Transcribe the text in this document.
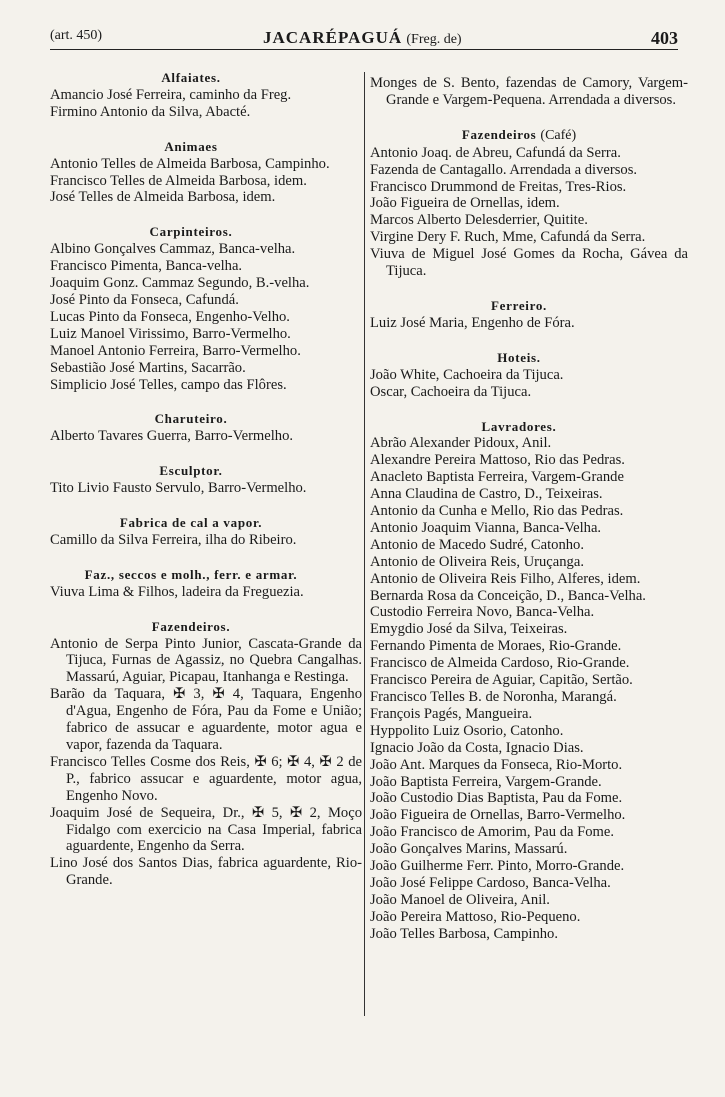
(art. 450)	JACARÉPAGUÁ (Freg. de)	403

Alfaiates.

Amancio José Ferreira, caminho da Freg.

Firmino Antonio da Silva, Abacté.

Animaes

Antonio Telles de Almeida Barbosa, Campinho.

Francisco Telles de Almeida Barbosa, idem.

José Telles de Almeida Barbosa, idem.

Carpinteiros.

Albino Gonçalves Cammaz, Banca-velha.

Francisco Pimenta, Banca-velha.

Joaquim Gonz. Cammaz Segundo, B.-velha.

José Pinto da Fonseca, Cafundá.

Lucas Pinto da Fonseca, Engenho-Velho.

Luiz Manoel Virissimo, Barro-Vermelho.

Manoel Antonio Ferreira, Barro-Vermelho.

Sebastião José Martins, Sacarrão.

Simplicio José Telles, campo das Flôres.

Charuteiro.

Alberto Tavares Guerra, Barro-Vermelho.

Esculptor.

Tito Livio Fausto Servulo, Barro-Vermelho.

Fabrica de cal a vapor.

Camillo da Silva Ferreira, ilha do Ribeiro.

Faz., seccos e molh., ferr. e armar.

Viuva Lima & Filhos, ladeira da Freguezia.

Fazendeiros.

Antonio de Serpa Pinto Junior, Cascata-Grande da Tijuca, Furnas de Agassiz, no Quebra Cangalhas. Massarú, Aguiar, Picapau, Itanhanga e Restinga.

Barão da Taquara, ✠ 3, ✠ 4, Taquara, Engenho d'Agua, Engenho de Fóra, Pau da Fome e União; fabrico de assucar e aguardente, motor agua e vapor, fazenda da Taquara.

Francisco Telles Cosme dos Reis, ✠ 6; ✠ 4, ✠ 2 de P., fabrico assucar e aguardente, motor agua, Engenho Novo.

Joaquim José de Sequeira, Dr., ✠ 5, ✠ 2, Moço Fidalgo com exercicio na Casa Imperial, fabrica aguardente, Engenho da Serra.

Lino José dos Santos Dias, fabrica aguardente, Rio-Grande.

Monges de S. Bento, fazendas de Camory, Vargem-Grande e Vargem-Pequena. Arrendada a diversos.

Fazendeiros (Café)

Antonio Joaq. de Abreu, Cafundá da Serra.

Fazenda de Cantagallo. Arrendada a diversos.

Francisco Drummond de Freitas, Tres-Rios.

João Figueira de Ornellas, idem.

Marcos Alberto Delesderrier, Quitite.

Virgine Dery F. Ruch, Mme, Cafundá da Serra.

Viuva de Miguel José Gomes da Rocha, Gávea da Tijuca.

Ferreiro.

Luiz José Maria, Engenho de Fóra.

Hoteis.

João White, Cachoeira da Tijuca.

Oscar, Cachoeira da Tijuca.

Lavradores.

Abrão Alexander Pidoux, Anil.

Alexandre Pereira Mattoso, Rio das Pedras.

Anacleto Baptista Ferreira, Vargem-Grande

Anna Claudina de Castro, D., Teixeiras.

Antonio da Cunha e Mello, Rio das Pedras.

Antonio Joaquim Vianna, Banca-Velha.

Antonio de Macedo Sudré, Catonho.

Antonio de Oliveira Reis, Uruçanga.

Antonio de Oliveira Reis Filho, Alferes, idem.

Bernarda Rosa da Conceição, D., Banca-Velha.

Custodio Ferreira Novo, Banca-Velha.

Emygdio José da Silva, Teixeiras.

Fernando Pimenta de Moraes, Rio-Grande.

Francisco de Almeida Cardoso, Rio-Grande.

Francisco Pereira de Aguiar, Capitão, Sertão.

Francisco Telles B. de Noronha, Marangá.

François Pagés, Mangueira.

Hyppolito Luiz Osorio, Catonho.

Ignacio João da Costa, Ignacio Dias.

João Ant. Marques da Fonseca, Rio-Morto.

João Baptista Ferreira, Vargem-Grande.

João Custodio Dias Baptista, Pau da Fome.

João Figueira de Ornellas, Barro-Vermelho.

João Francisco de Amorim, Pau da Fome.

João Gonçalves Marins, Massarú.

João Guilherme Ferr. Pinto, Morro-Grande.

João José Felippe Cardoso, Banca-Velha.

João Manoel de Oliveira, Anil.

João Pereira Mattoso, Rio-Pequeno.

João Telles Barbosa, Campinho.
